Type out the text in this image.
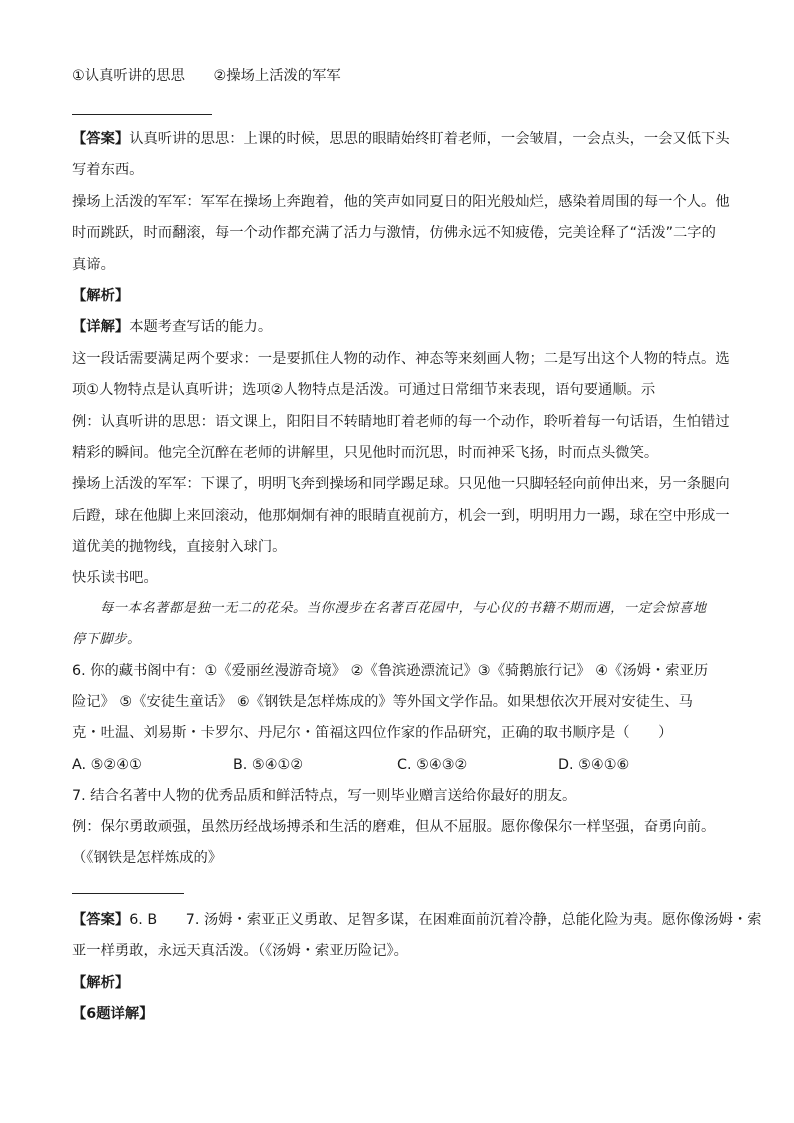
①认真听讲的思思　　②操场上活泼的军军
【答案】认真听讲的思思：上课的时候，思思的眼睛始终盯着老师，一会皱眉，一会点头，一会又低下头
写着东西。
操场上活泼的军军：军军在操场上奔跑着，他的笑声如同夏日的阳光般灿烂，感染着周围的每一个人。他
时而跳跃，时而翻滚，每一个动作都充满了活力与激情，仿佛永远不知疲倦，完美诠释了“活泼”二字的
真谛。
【解析】
【详解】本题考查写话的能力。
这一段话需要满足两个要求：一是要抓住人物的动作、神态等来刻画人物；二是写出这个人物的特点。选
项①人物特点是认真听讲；选项②人物特点是活泼。可通过日常细节来表现，语句要通顺。示
例：认真听讲的思思：语文课上，阳阳目不转睛地盯着老师的每一个动作，聆听着每一句话语，生怕错过
精彩的瞬间。他完全沉醉在老师的讲解里，只见他时而沉思，时而神采飞扬，时而点头微笑。
操场上活泼的军军：下课了，明明飞奔到操场和同学踢足球。只见他一只脚轻轻向前伸出来，另一条腿向
后蹬，球在他脚上来回滚动，他那炯炯有神的眼睛直视前方，机会一到，明明用力一踢，球在空中形成一
道优美的抛物线，直接射入球门。
快乐读书吧。
每一本名著都是独一无二的花朵。当你漫步在名著百花园中，与心仪的书籍不期而遇，一定会惊喜地
停下脚步。
6. 你的藏书阁中有：①《爱丽丝漫游奇境》 ②《鲁滨逊漂流记》③《骑鹅旅行记》 ④《汤姆・索亚历
险记》 ⑤《安徒生童话》 ⑥《钢铁是怎样炼成的》等外国文学作品。如果想依次开展对安徒生、马
克・吐温、刘易斯・卡罗尔、丹尼尔・笛福这四位作家的作品研究，正确的取书顺序是（　　）
A. ⑤②④①	B. ⑤④①②	C. ⑤④③②	D. ⑤④①⑥
7. 结合名著中人物的优秀品质和鲜活特点，写一则毕业赠言送给你最好的朋友。
例：保尔勇敢顽强，虽然历经战场搏杀和生活的磨难，但从不屈服。愿你像保尔一样坚强，奋勇向前。
（《钢铁是怎样炼成的》
【答案】6. B　　7. 汤姆・索亚正义勇敢、足智多谋，在困难面前沉着冷静，总能化险为夷。愿你像汤姆・索
亚一样勇敢，永远天真活泼。（《汤姆・索亚历险记》。
【解析】
【6题详解】
